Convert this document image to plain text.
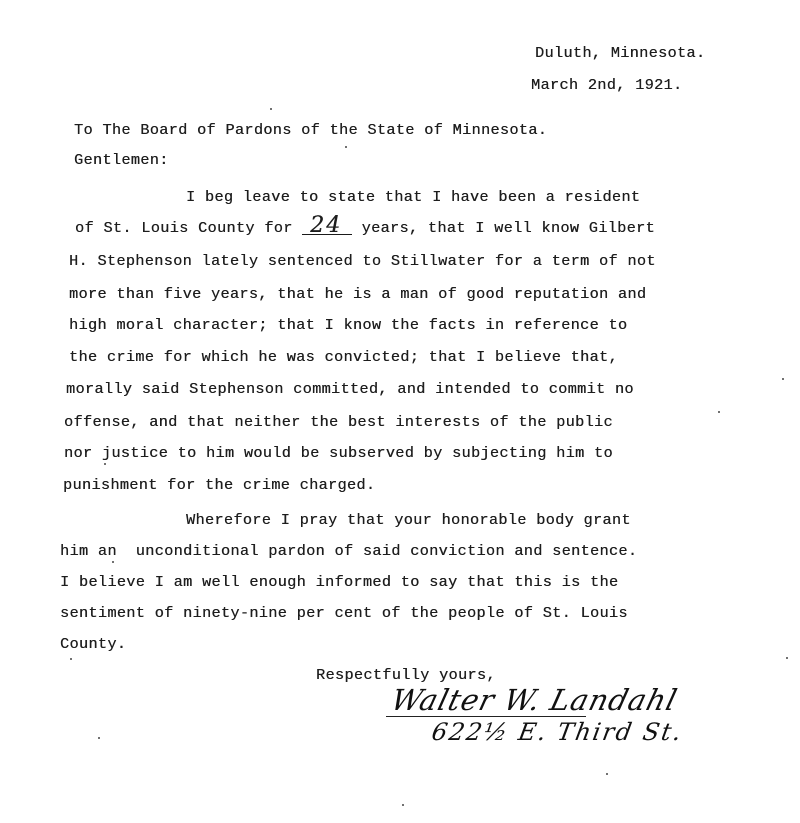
Duluth, Minnesota.
March 2nd, 1921.
To The Board of Pardons of the State of Minnesota.
Gentlemen:
I beg leave to state that I have been a resident
of St. Louis County for 24 years, that I well know Gilbert
H. Stephenson lately sentenced to Stillwater for a term of not
more than five years, that he is a man of good reputation and
high moral character; that I know the facts in reference to
the crime for which he was convicted; that I believe that,
morally said Stephenson committed, and intended to commit no
offense, and that neither the best interests of the public
nor justice to him would be subserved by subjecting him to
punishment for the crime charged.
Wherefore I pray that your honorable body grant
him an  unconditional pardon of said conviction and sentence.
I believe I am well enough informed to say that this is the
sentiment of ninety-nine per cent of the people of St. Louis
County.
Respectfully yours,
Walter W. Landahl
622½ E. Third St.
